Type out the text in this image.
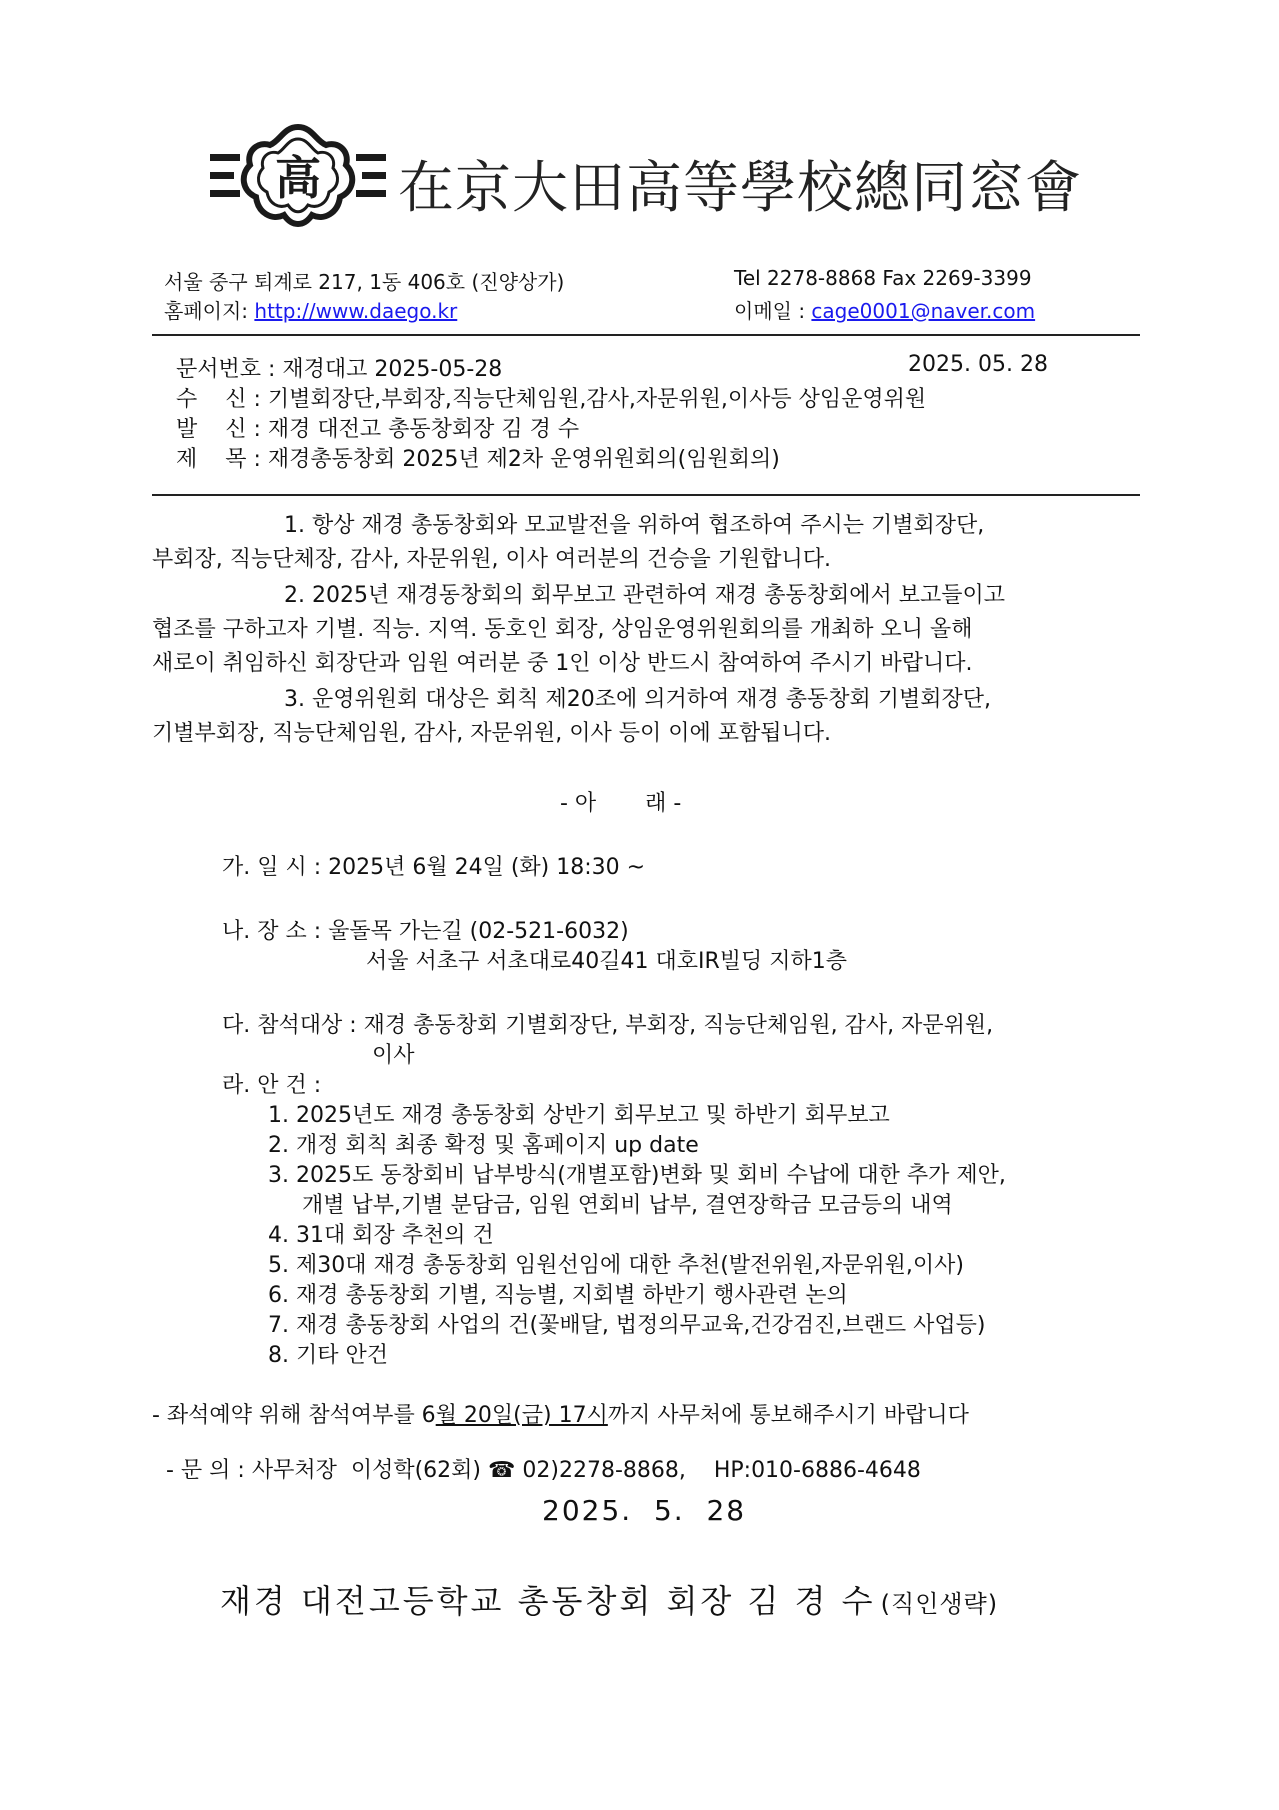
高 在京大田高等學校總同窓會
서울 중구 퇴계로 217, 1동 406호 (진양상가)	Tel 2278-8868 Fax 2269-3399
홈페이지: http://www.daego.kr	이메일 : cage0001@naver.com
문서번호 : 재경대고 2025-05-28	2025. 05. 28
수    신 : 기별회장단,부회장,직능단체임원,감사,자문위원,이사등 상임운영위원
발    신 : 재경 대전고 총동창회장 김 경 수
제    목 : 재경총동창회 2025년 제2차 운영위원회의(임원회의)
1. 항상 재경 총동창회와 모교발전을 위하여 협조하여 주시는 기별회장단,
부회장, 직능단체장, 감사, 자문위원, 이사 여러분의 건승을 기원합니다.
2. 2025년 재경동창회의 회무보고 관련하여 재경 총동창회에서 보고들이고
협조를 구하고자 기별. 직능. 지역. 동호인 회장, 상임운영위원회의를 개최하 오니 올해
새로이 취임하신 회장단과 임원 여러분 중 1인 이상 반드시 참여하여 주시기 바랍니다.
3. 운영위원회 대상은 회칙 제20조에 의거하여 재경 총동창회 기별회장단,
기별부회장, 직능단체임원, 감사, 자문위원, 이사 등이 이에 포함됩니다.
- 아       래 -
가. 일 시 : 2025년 6월 24일 (화) 18:30 ~
나. 장 소 : 울돌목 가는길 (02-521-6032)
서울 서초구 서초대로40길41 대호IR빌딩 지하1층
다. 참석대상 : 재경 총동창회 기별회장단, 부회장, 직능단체임원, 감사, 자문위원,
이사
라. 안 건 :
1. 2025년도 재경 총동창회 상반기 회무보고 및 하반기 회무보고
2. 개정 회칙 최종 확정 및 홈페이지 up date
3. 2025도 동창회비 납부방식(개별포함)변화 및 회비 수납에 대한 추가 제안,
개별 납부,기별 분담금, 임원 연회비 납부, 결연장학금 모금등의 내역
4. 31대 회장 추천의 건
5. 제30대 재경 총동창회 임원선임에 대한 추천(발전위원,자문위원,이사)
6. 재경 총동창회 기별, 직능별, 지회별 하반기 행사관련 논의
7. 재경 총동창회 사업의 건(꽃배달, 법정의무교육,건강검진,브랜드 사업등)
8. 기타 안건
- 좌석예약 위해 참석여부를 6월 20일(금) 17시까지 사무처에 통보해주시기 바랍니다

- 문 의 : 사무처장  이성학(62회) ☎ 02)2278-8868,    HP:010-6886-4648

2025.  5.  28
재경 대전고등학교 총동창회 회장 김 경 수 (직인생략)
